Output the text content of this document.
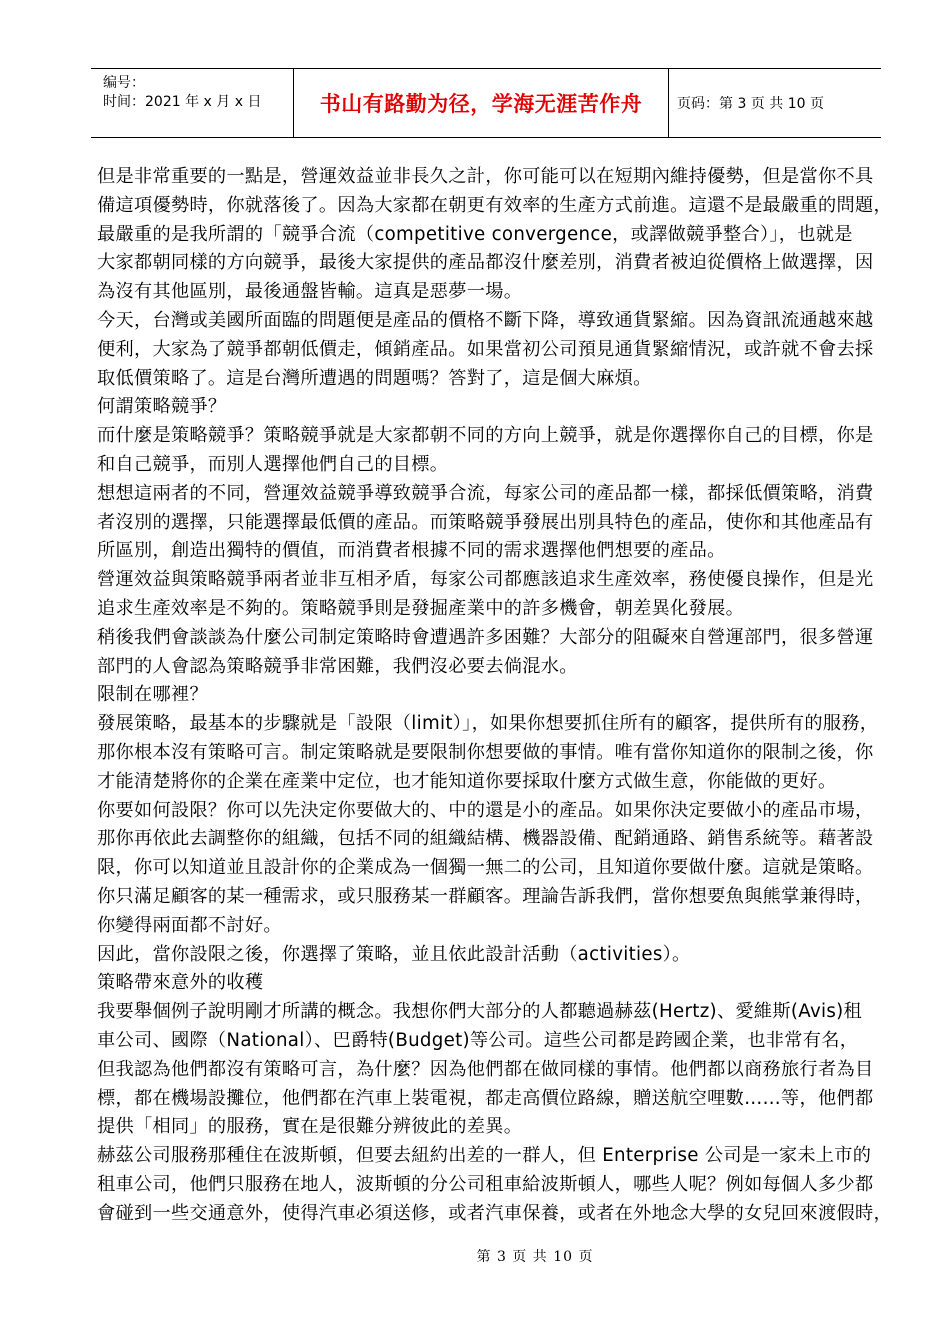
编号：
时间：2021 年 x 月 x 日	书山有路勤为径，学海无涯苦作舟	页码：第 3 页 共 10 页
但是非常重要的一點是，營運效益並非長久之計，你可能可以在短期內維持優勢，但是當你不具
備這項優勢時，你就落後了。因為大家都在朝更有效率的生產方式前進。這還不是最嚴重的問題，
最嚴重的是我所謂的「競爭合流（competitive convergence，或譯做競爭整合）」，也就是
大家都朝同樣的方向競爭，最後大家提供的產品都沒什麼差別，消費者被迫從價格上做選擇，因
為沒有其他區別，最後通盤皆輸。這真是惡夢一場。
今天，台灣或美國所面臨的問題便是產品的價格不斷下降，導致通貨緊縮。因為資訊流通越來越
便利，大家為了競爭都朝低價走，傾銷產品。如果當初公司預見通貨緊縮情況，或許就不會去採
取低價策略了。這是台灣所遭遇的問題嗎？答對了，這是個大麻煩。
何謂策略競爭？
而什麼是策略競爭？策略競爭就是大家都朝不同的方向上競爭，就是你選擇你自己的目標，你是
和自己競爭，而別人選擇他們自己的目標。
想想這兩者的不同，營運效益競爭導致競爭合流，每家公司的產品都一樣，都採低價策略，消費
者沒別的選擇，只能選擇最低價的產品。而策略競爭發展出別具特色的產品，使你和其他產品有
所區別，創造出獨特的價值，而消費者根據不同的需求選擇他們想要的產品。
營運效益與策略競爭兩者並非互相矛盾，每家公司都應該追求生產效率，務使優良操作，但是光
追求生產效率是不夠的。策略競爭則是發掘產業中的許多機會，朝差異化發展。
稍後我們會談談為什麼公司制定策略時會遭遇許多困難？大部分的阻礙來自營運部門，很多營運
部門的人會認為策略競爭非常困難，我們沒必要去倘混水。
限制在哪裡？
發展策略，最基本的步驟就是「設限（limit）」，如果你想要抓住所有的顧客，提供所有的服務，
那你根本沒有策略可言。制定策略就是要限制你想要做的事情。唯有當你知道你的限制之後，你
才能清楚將你的企業在產業中定位，也才能知道你要採取什麼方式做生意，你能做的更好。
你要如何設限？你可以先決定你要做大的、中的還是小的產品。如果你決定要做小的產品市場，
那你再依此去調整你的組織，包括不同的組織結構、機器設備、配銷通路、銷售系統等。藉著設
限，你可以知道並且設計你的企業成為一個獨一無二的公司，且知道你要做什麼。這就是策略。
你只滿足顧客的某一種需求，或只服務某一群顧客。理論告訴我們，當你想要魚與熊掌兼得時，
你變得兩面都不討好。
因此，當你設限之後，你選擇了策略，並且依此設計活動（activities）。
策略帶來意外的收穫
我要舉個例子說明剛才所講的概念。我想你們大部分的人都聽過赫茲(Hertz)、愛維斯(Avis)租
車公司、國際（National）、巴爵特(Budget)等公司。這些公司都是跨國企業，也非常有名，
但我認為他們都沒有策略可言，為什麼？因為他們都在做同樣的事情。他們都以商務旅行者為目
標，都在機場設攤位，他們都在汽車上裝電視，都走高價位路線，贈送航空哩數……等，他們都
提供「相同」的服務，實在是很難分辨彼此的差異。
赫茲公司服務那種住在波斯頓，但要去紐約出差的一群人，但 Enterprise 公司是一家未上市的
租車公司，他們只服務在地人，波斯頓的分公司租車給波斯頓人，哪些人呢？例如每個人多少都
會碰到一些交通意外，使得汽車必須送修，或者汽車保養，或者在外地念大學的女兒回來渡假時，
第 3 页 共 10 页
